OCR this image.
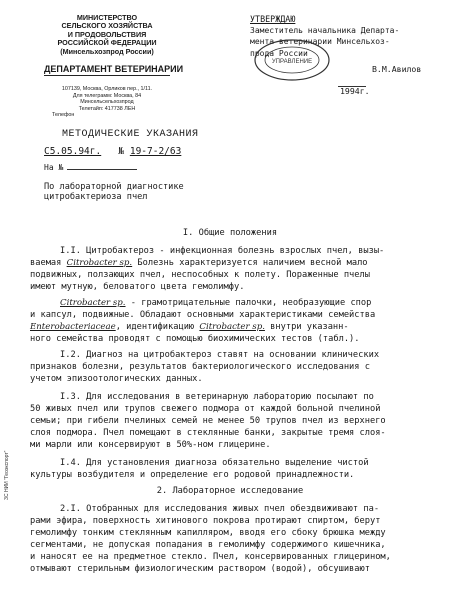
МИНИСТЕРСТВО
СЕЛЬСКОГО ХОЗЯЙСТВА
И ПРОДОВОЛЬСТВИЯ
РОССИЙСКОЙ ФЕДЕРАЦИИ
(Минсельхозпрод России)
ДЕПАРТАМЕНТ ВЕТЕРИНАРИИ
107139, Москва, Орликов пер., 1/11.
Для телеграмм: Москва, 84
Минсельсельхозпрод
Телетайп: 417738 ЛЕН
Телефон
МЕТОДИЧЕСКИЕ УКАЗАНИЯ
С5.05.94г. № 19-7-2/63
На №
По лабораторной диагностике
цитробактериоза пчел
УТВЕРЖДАЮ
Заместитель начальника Департа-
мента ветеринарии Минсельхоз-
прода России
УПРАВЛЕНИЕ
В.М.Авилов
1994г.
ЗС НИИ "Геоэкспорт"
I. Общие положения
I.I. Цитробактероз - инфекционная болезнь взрослых пчел, вызы-
ваемая Citrobacter sp. Болезнь характеризуется наличием весной мало
подвижных, ползающих пчел, неспособных к полету. Пораженные пчелы
имеют мутную, беловатого цвета гемолимфу.
Citrobacter sp. - грамотрицательные палочки, необразующие спор
и капсул, подвижные. Обладают основными характеристиками семейства
Enterobacteriaceae, идентификацию Citrobacter sp. внутри указанн-
ного семейства проводят с помощью биохимических тестов (табл.).
I.2. Диагноз на цитробактероз ставят на основании клинических
признаков болезни, результатов бактериологического исследования с
учетом эпизоотологических данных.
I.3. Для исследования в ветеринарную лабораторию посылают по
50 живых пчел или трупов свежего подмора от каждой больной пчелиной
семьи; при гибели пчелиных семей не менее 50 трупов пчел из верхнего
слоя подмора. Пчел помещают в стеклянные банки, закрытые тремя слоя-
ми марли или консервируют в 50%-ном глицерине.
I.4. Для установления диагноза обязательно выделение чистой
культуры возбудителя и определение его родовой принадлежности.
2. Лабораторное исследование
2.I. Отобранных для исследования живых пчел обездвиживают па-
рами эфира, поверхность хитинового покрова протирают спиртом, берут
гемолимфу тонким стеклянным капилляром, вводя его сбоку брюшка между
сегментами, не допуская попадания в гемолимфу содержимого кишечника,
и наносят ее на предметное стекло. Пчел, консервированных глицерином,
отмывают стерильным физиологическим раствором (водой), обсушивают
